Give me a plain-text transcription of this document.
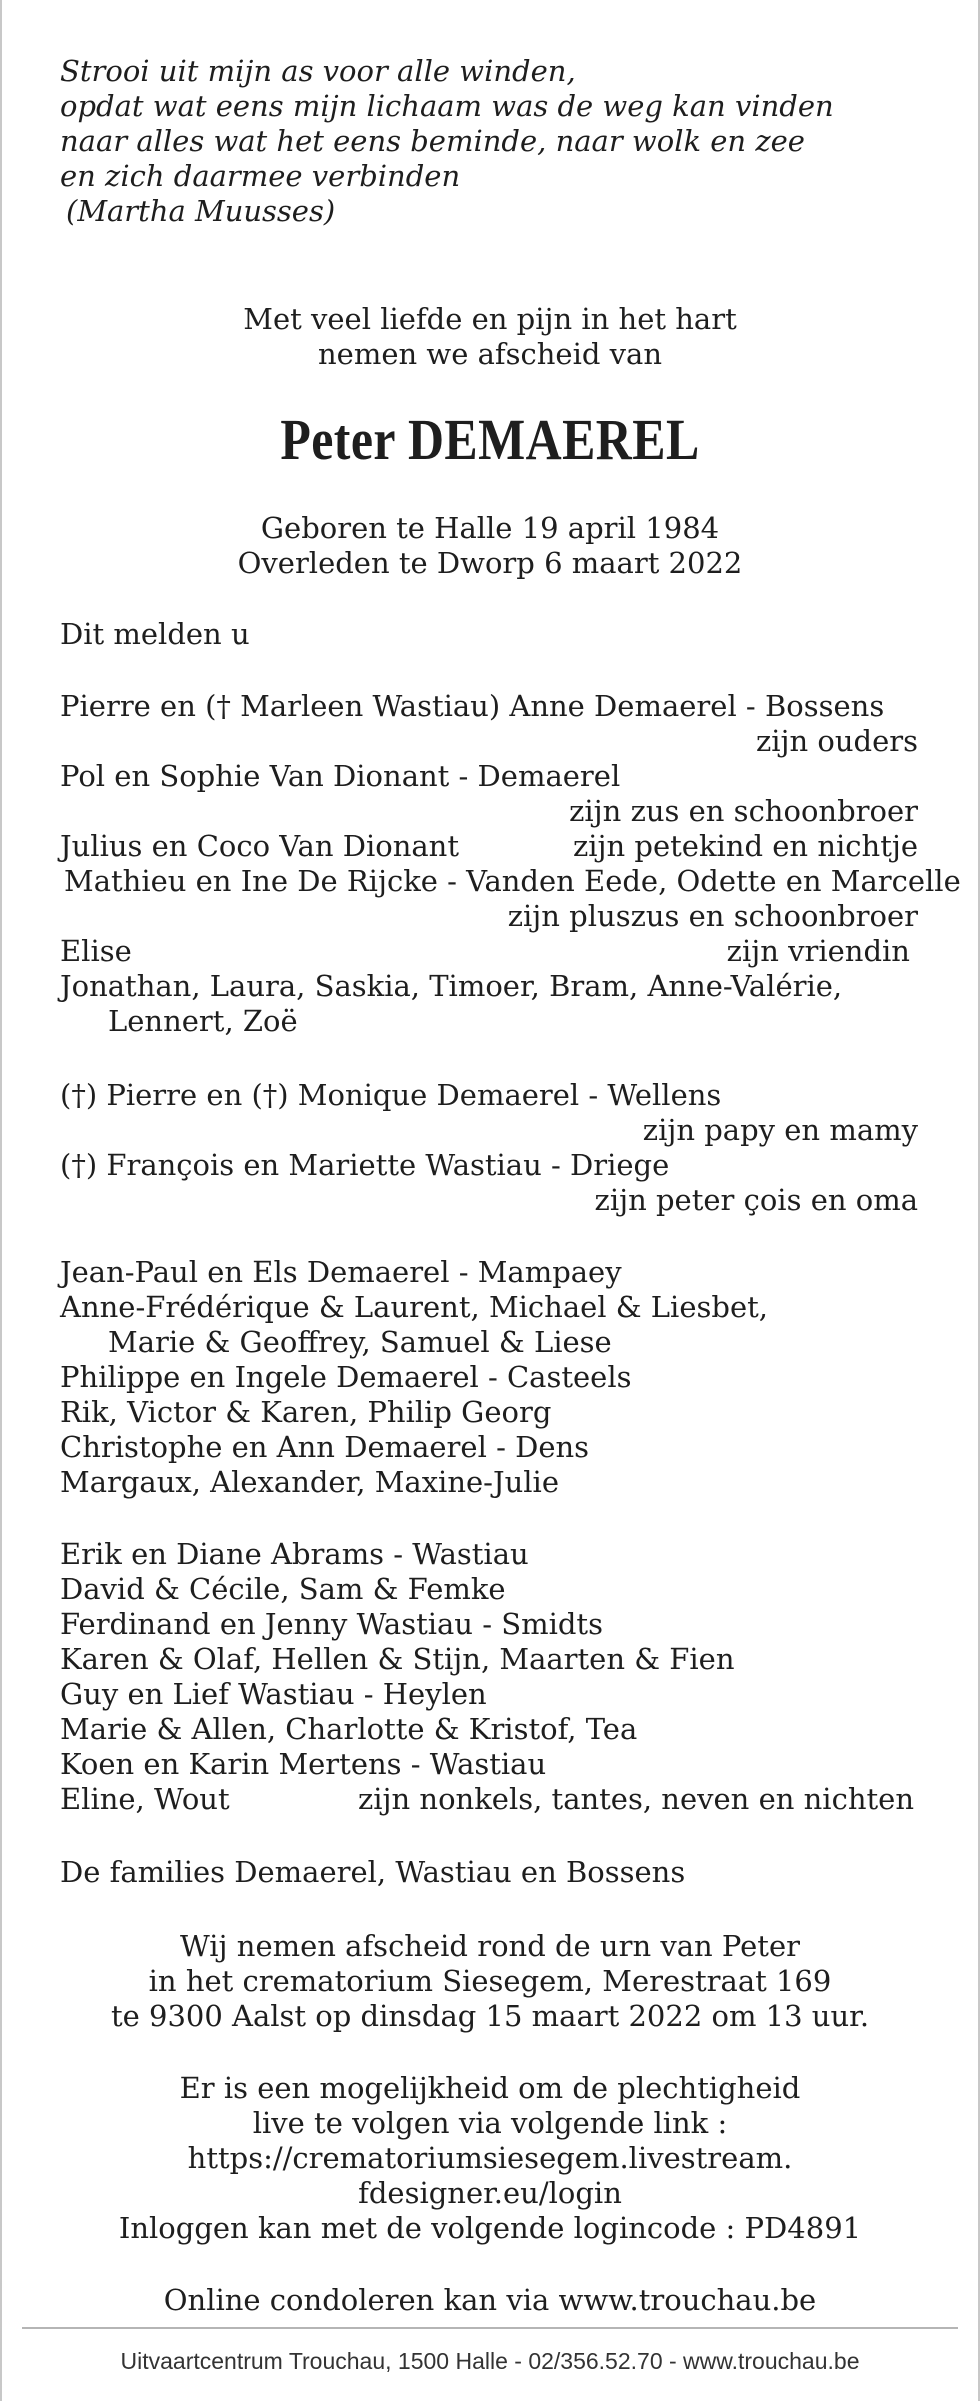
Strooi uit mijn as voor alle winden,
opdat wat eens mijn lichaam was de weg kan vinden
naar alles wat het eens beminde, naar wolk en zee
en zich daarmee verbinden
(Martha Muusses)
Met veel liefde en pijn in het hart
nemen we afscheid van
Peter DEMAEREL
Geboren te Halle 19 april 1984
Overleden te Dworp 6 maart 2022
Dit melden u
Pierre en († Marleen Wastiau) Anne Demaerel - Bossens
zijn ouders
Pol en Sophie Van Dionant - Demaerel
zijn zus en schoonbroer
Julius en Coco Van Dionant	zijn petekind en nichtje
Mathieu en Ine De Rijcke - Vanden Eede, Odette en Marcelle
zijn pluszus en schoonbroer
Elise	zijn vriendin
Jonathan, Laura, Saskia, Timoer, Bram, Anne-Valérie,
Lennert, Zoë
(†) Pierre en (†) Monique Demaerel - Wellens
zijn papy en mamy
(†) François en Mariette Wastiau - Driege
zijn peter çois en oma
Jean-Paul en Els Demaerel - Mampaey
Anne-Frédérique & Laurent, Michael & Liesbet,
Marie & Geoffrey, Samuel & Liese
Philippe en Ingele Demaerel - Casteels
Rik, Victor & Karen, Philip Georg
Christophe en Ann Demaerel - Dens
Margaux, Alexander, Maxine-Julie
Erik en Diane Abrams - Wastiau
David & Cécile, Sam & Femke
Ferdinand en Jenny Wastiau - Smidts
Karen & Olaf, Hellen & Stijn, Maarten & Fien
Guy en Lief Wastiau - Heylen
Marie & Allen, Charlotte & Kristof, Tea
Koen en Karin Mertens - Wastiau
Eline, Wout	zijn nonkels, tantes, neven en nichten
De families Demaerel, Wastiau en Bossens
Wij nemen afscheid rond de urn van Peter
in het crematorium Siesegem, Merestraat 169
te 9300 Aalst op dinsdag 15 maart 2022 om 13 uur.
Er is een mogelijkheid om de plechtigheid
live te volgen via volgende link :
https://crematoriumsiesegem.livestream.
fdesigner.eu/login
Inloggen kan met de volgende logincode : PD4891
Online condoleren kan via www.trouchau.be
Uitvaartcentrum Trouchau, 1500 Halle - 02/356.52.70 - www.trouchau.be
